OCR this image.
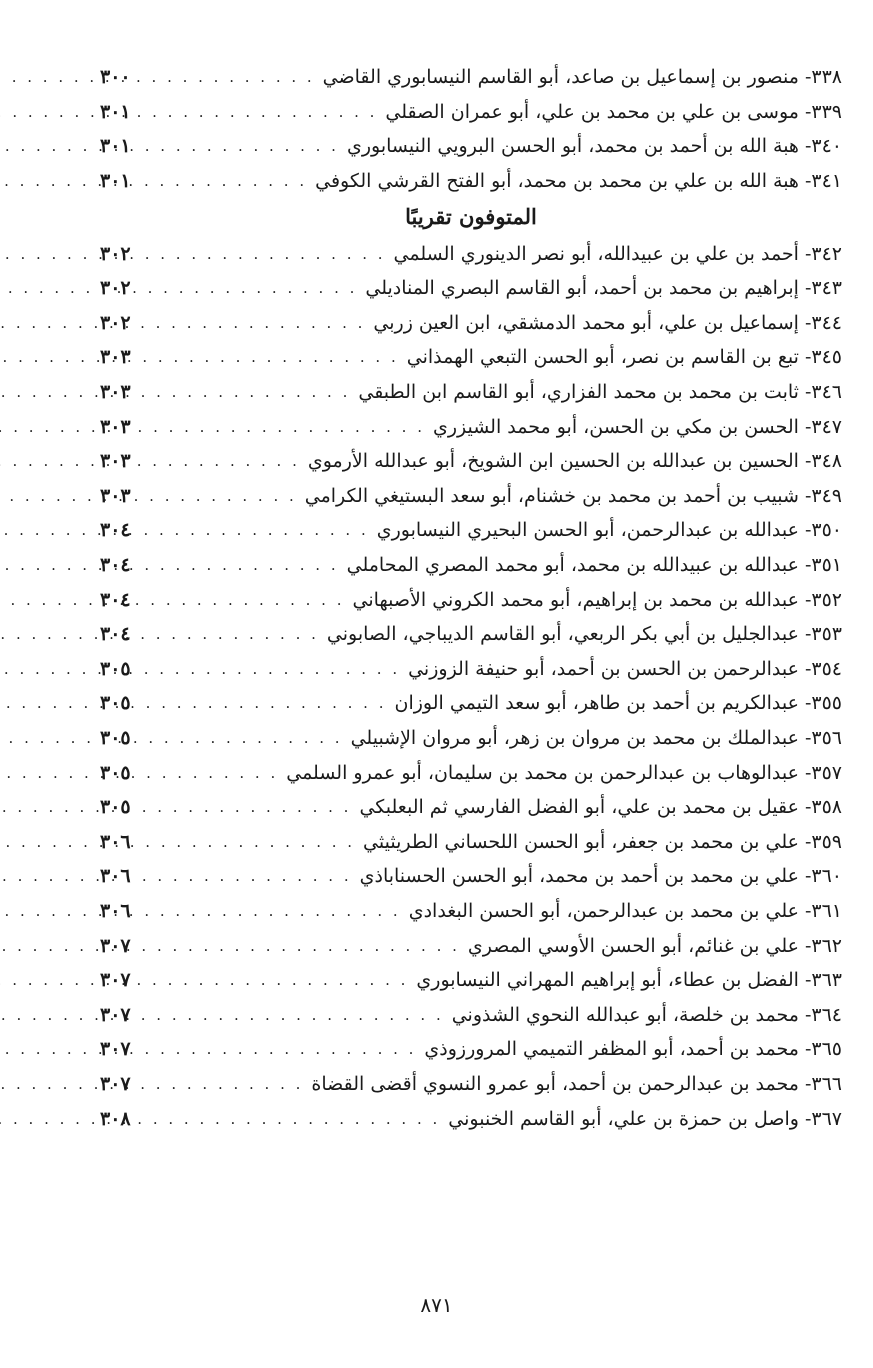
٣٣٨-
منصور بن إسماعيل بن صاعد، أبو القاسم النيسابوري القاضي
. . .
٣٠٠
٣٣٩-
موسى بن علي بن محمد بن علي، أبو عمران الصقلي
. . .
٣٠١
٣٤٠-
هبة الله بن أحمد بن محمد، أبو الحسن البرويي النيسابوري
. . .
٣٠١
٣٤١-
هبة الله بن علي بن محمد بن محمد، أبو الفتح القرشي الكوفي
. . .
٣٠١
المتوفون تقريبًا
٣٤٢-
أحمد بن علي بن عبيدالله، أبو نصر الدينوري السلمي
. . .
٣٠٢
٣٤٣-
إبراهيم بن محمد بن أحمد، أبو القاسم البصري المناديلي
. . .
٣٠٢
٣٤٤-
إسماعيل بن علي، أبو محمد الدمشقي، ابن العين زربي
. . .
٣٠٢
٣٤٥-
تبع بن القاسم بن نصر، أبو الحسن التبعي الهمذاني
. . .
٣٠٣
٣٤٦-
ثابت بن محمد بن محمد الفزاري، أبو القاسم ابن الطبقي
. . .
٣٠٣
٣٤٧-
الحسن بن مكي بن الحسن، أبو محمد الشيزري
. . .
٣٠٣
٣٤٨-
الحسين بن عبدالله بن الحسين ابن الشويخ، أبو عبدالله الأرموي
. . .
٣٠٣
٣٤٩-
شبيب بن أحمد بن محمد بن خشنام، أبو سعد البستيغي الكرامي
. . .
٣٠٣
٣٥٠-
عبدالله بن عبدالرحمن، أبو الحسن البحيري النيسابوري
. . .
٣٠٤
٣٥١-
عبدالله بن عبيدالله بن محمد، أبو محمد المصري المحاملي
. . .
٣٠٤
٣٥٢-
عبدالله بن محمد بن إبراهيم، أبو محمد الكروني الأصبهاني
. . .
٣٠٤
٣٥٣-
عبدالجليل بن أبي بكر الربعي، أبو القاسم الديباجي، الصابوني
. . .
٣٠٤
٣٥٤-
عبدالرحمن بن الحسن بن أحمد، أبو حنيفة الزوزني
. . .
٣٠٥
٣٥٥-
عبدالكريم بن أحمد بن طاهر، أبو سعد التيمي الوزان
. . .
٣٠٥
٣٥٦-
عبدالملك بن محمد بن مروان بن زهر، أبو مروان الإشبيلي
. . .
٣٠٥
٣٥٧-
عبدالوهاب بن عبدالرحمن بن محمد بن سليمان، أبو عمرو السلمي
. . .
٣٠٥
٣٥٨-
عقيل بن محمد بن علي، أبو الفضل الفارسي ثم البعلبكي
. . .
٣٠٥
٣٥٩-
علي بن محمد بن جعفر، أبو الحسن اللحساني الطريثيثي
. . .
٣٠٦
٣٦٠-
علي بن محمد بن أحمد بن محمد، أبو الحسن الحسناباذي
. . .
٣٠٦
٣٦١-
علي بن محمد بن عبدالرحمن، أبو الحسن البغدادي
. . .
٣٠٦
٣٦٢-
علي بن غنائم، أبو الحسن الأوسي المصري
. . .
٣٠٧
٣٦٣-
الفضل بن عطاء، أبو إبراهيم المهراني النيسابوري
. . .
٣٠٧
٣٦٤-
محمد بن خلصة، أبو عبدالله النحوي الشذوني
. . .
٣٠٧
٣٦٥-
محمد بن أحمد، أبو المظفر التميمي المرورزوذي
. . .
٣٠٧
٣٦٦-
محمد بن عبدالرحمن بن أحمد، أبو عمرو النسوي أقضى القضاة
. . .
٣٠٧
٣٦٧-
واصل بن حمزة بن علي، أبو القاسم الخنبوني
. . .
٣٠٨
٨٧١
